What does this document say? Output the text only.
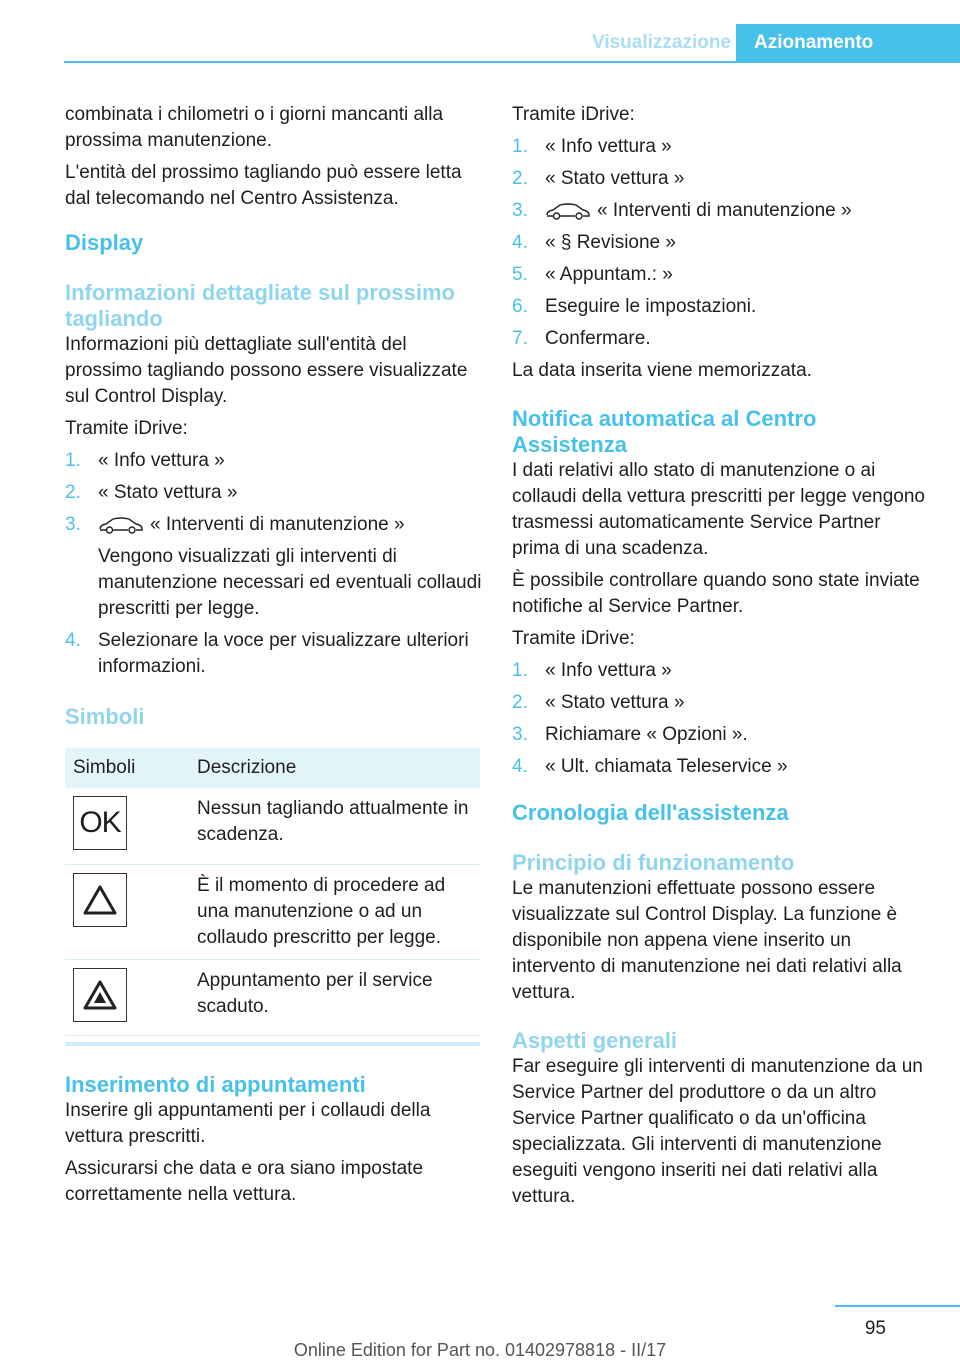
Visualizzazione	Azionamento

combinata i chilometri o i giorni mancanti alla prossima manutenzione.

L'entità del prossimo tagliando può essere letta dal telecomando nel Centro Assistenza.

Display
Informazioni dettagliate sul prossimo tagliando

Informazioni più dettagliate sull'entità del prossimo tagliando possono essere visualizzate sul Control Display.

Tramite iDrive:

1. « Info vettura »
2. « Stato vettura »
3.	« Interventi di manutenzione »
Vengono visualizzati gli interventi di manutenzione necessari ed eventuali collaudi prescritti per legge.
4. Selezionare la voce per visualizzare ulteriori informazioni.
Simboli
Simboli	Descrizione

OK	Nessun tagliando attualmente in scadenza.

	È il momento di procedere ad una manutenzione o ad un collaudo prescritto per legge.

	Appuntamento per il service scaduto.
Inserimento di appuntamenti

Inserire gli appuntamenti per i collaudi della vettura prescritti.

Assicurarsi che data e ora siano impostate correttamente nella vettura.

Tramite iDrive:

1. « Info vettura »
2. « Stato vettura »
3.	« Interventi di manutenzione »
4. « § Revisione »
5. « Appuntam.: »
6. Eseguire le impostazioni.
7. Confermare.

La data inserita viene memorizzata.

Notifica automatica al Centro Assistenza

I dati relativi allo stato di manutenzione o ai collaudi della vettura prescritti per legge vengono trasmessi automaticamente Service Partner prima di una scadenza.

È possibile controllare quando sono state inviate notifiche al Service Partner.

Tramite iDrive:

1. « Info vettura »
2. « Stato vettura »
3. Richiamare « Opzioni ».
4. « Ult. chiamata Teleservice »
Cronologia dell'assistenza
Principio di funzionamento

Le manutenzioni effettuate possono essere visualizzate sul Control Display. La funzione è disponibile non appena viene inserito un intervento di manutenzione nei dati relativi alla vettura.

Aspetti generali

Far eseguire gli interventi di manutenzione da un Service Partner del produttore o da un altro Service Partner qualificato o da un'officina specializzata. Gli interventi di manutenzione eseguiti vengono inseriti nei dati relativi alla vettura.

95
Online Edition for Part no. 01402978818 - II/17
